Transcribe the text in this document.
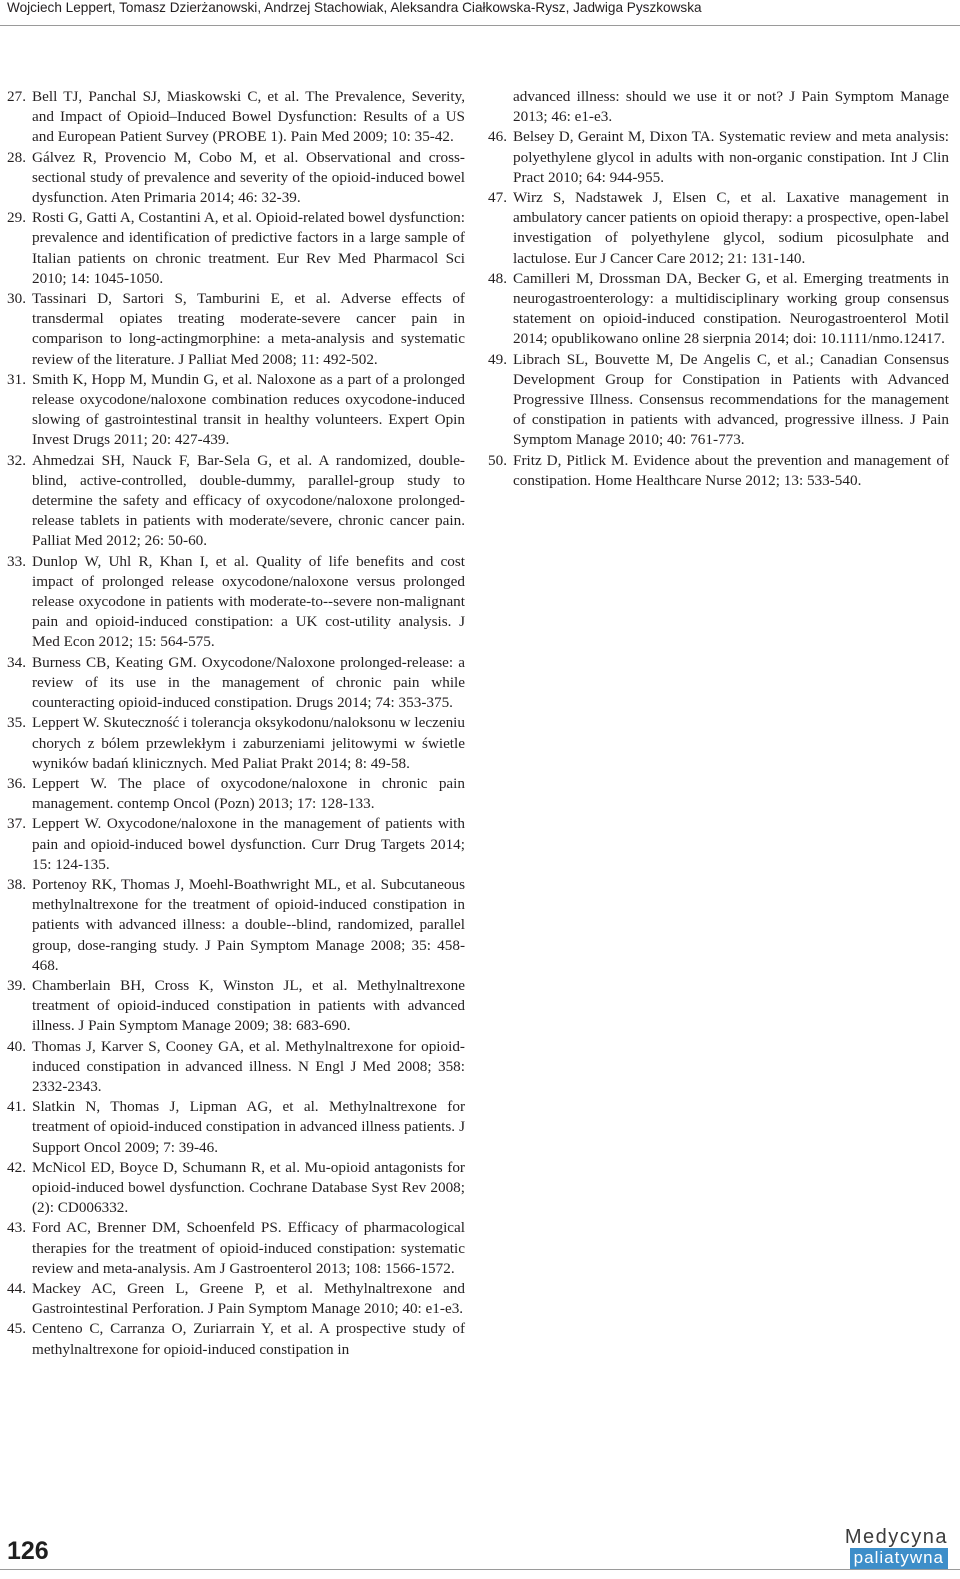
Wojciech Leppert, Tomasz Dzierżanowski, Andrzej Stachowiak, Aleksandra Ciałkowska-Rysz, Jadwiga Pyszkowska
27. Bell TJ, Panchal SJ, Miaskowski C, et al. The Prevalence, Severity, and Impact of Opioid–Induced Bowel Dysfunction: Results of a US and European Patient Survey (PROBE 1). Pain Med 2009; 10: 35-42.
28. Gálvez R, Provencio M, Cobo M, et al. Observational and cross-sectional study of prevalence and severity of the opioid-induced bowel dysfunction. Aten Primaria 2014; 46: 32-39.
29. Rosti G, Gatti A, Costantini A, et al. Opioid-related bowel dysfunction: prevalence and identification of predictive factors in a large sample of Italian patients on chronic treatment. Eur Rev Med Pharmacol Sci 2010; 14: 1045-1050.
30. Tassinari D, Sartori S, Tamburini E, et al. Adverse effects of transdermal opiates treating moderate-severe cancer pain in comparison to long-actingmorphine: a meta-analysis and systematic review of the literature. J Palliat Med 2008; 11: 492-502.
31. Smith K, Hopp M, Mundin G, et al. Naloxone as a part of a prolonged release oxycodone/naloxone combination reduces oxycodone-induced slowing of gastrointestinal transit in healthy volunteers. Expert Opin Invest Drugs 2011; 20: 427-439.
32. Ahmedzai SH, Nauck F, Bar-Sela G, et al. A randomized, double-blind, active-controlled, double-dummy, parallel-group study to determine the safety and efficacy of oxycodone/naloxone prolonged-release tablets in patients with moderate/severe, chronic cancer pain. Palliat Med 2012; 26: 50-60.
33. Dunlop W, Uhl R, Khan I, et al. Quality of life benefits and cost impact of prolonged release oxycodone/naloxone versus prolonged release oxycodone in patients with moderate-to--severe non-malignant pain and opioid-induced constipation: a UK cost-utility analysis. J Med Econ 2012; 15: 564-575.
34. Burness CB, Keating GM. Oxycodone/Naloxone prolonged-release: a review of its use in the management of chronic pain while counteracting opioid-induced constipation. Drugs 2014; 74: 353-375.
35. Leppert W. Skuteczność i tolerancja oksykodonu/naloksonu w leczeniu chorych z bólem przewlekłym i zaburzeniami jelitowymi w świetle wyników badań klinicznych. Med Paliat Prakt 2014; 8: 49-58.
36. Leppert W. The place of oxycodone/naloxone in chronic pain management. contemp Oncol (Pozn) 2013; 17: 128-133.
37. Leppert W. Oxycodone/naloxone in the management of patients with pain and opioid-induced bowel dysfunction. Curr Drug Targets 2014; 15: 124-135.
38. Portenoy RK, Thomas J, Moehl-Boathwright ML, et al. Subcutaneous methylnaltrexone for the treatment of opioid-induced constipation in patients with advanced illness: a double--blind, randomized, parallel group, dose-ranging study. J Pain Symptom Manage 2008; 35: 458-468.
39. Chamberlain BH, Cross K, Winston JL, et al. Methylnaltrexone treatment of opioid-induced constipation in patients with advanced illness. J Pain Symptom Manage 2009; 38: 683-690.
40. Thomas J, Karver S, Cooney GA, et al. Methylnaltrexone for opioid-induced constipation in advanced illness. N Engl J Med 2008; 358: 2332-2343.
41. Slatkin N, Thomas J, Lipman AG, et al. Methylnaltrexone for treatment of opioid-induced constipation in advanced illness patients. J Support Oncol 2009; 7: 39-46.
42. McNicol ED, Boyce D, Schumann R, et al. Mu-opioid antagonists for opioid-induced bowel dysfunction. Cochrane Database Syst Rev 2008; (2): CD006332.
43. Ford AC, Brenner DM, Schoenfeld PS. Efficacy of pharmacological therapies for the treatment of opioid-induced constipation: systematic review and meta-analysis. Am J Gastroenterol 2013; 108: 1566-1572.
44. Mackey AC, Green L, Greene P, et al. Methylnaltrexone and Gastrointestinal Perforation. J Pain Symptom Manage 2010; 40: e1-e3.
45. Centeno C, Carranza O, Zuriarrain Y, et al. A prospective study of methylnaltrexone for opioid-induced constipation in
advanced illness: should we use it or not? J Pain Symptom Manage 2013; 46: e1-e3.
46. Belsey D, Geraint M, Dixon TA. Systematic review and meta analysis: polyethylene glycol in adults with non-organic constipation. Int J Clin Pract 2010; 64: 944-955.
47. Wirz S, Nadstawek J, Elsen C, et al. Laxative management in ambulatory cancer patients on opioid therapy: a prospective, open-label investigation of polyethylene glycol, sodium picosulphate and lactulose. Eur J Cancer Care 2012; 21: 131-140.
48. Camilleri M, Drossman DA, Becker G, et al. Emerging treatments in neurogastroenterology: a multidisciplinary working group consensus statement on opioid-induced constipation. Neurogastroenterol Motil 2014; opublikowano online 28 sierpnia 2014; doi: 10.1111/nmo.12417.
49. Librach SL, Bouvette M, De Angelis C, et al.; Canadian Consensus Development Group for Constipation in Patients with Advanced Progressive Illness. Consensus recommendations for the management of constipation in patients with advanced, progressive illness. J Pain Symptom Manage 2010; 40: 761-773.
50. Fritz D, Pitlick M. Evidence about the prevention and management of constipation. Home Healthcare Nurse 2012; 13: 533-540.
126	Medycyna
paliatywna
